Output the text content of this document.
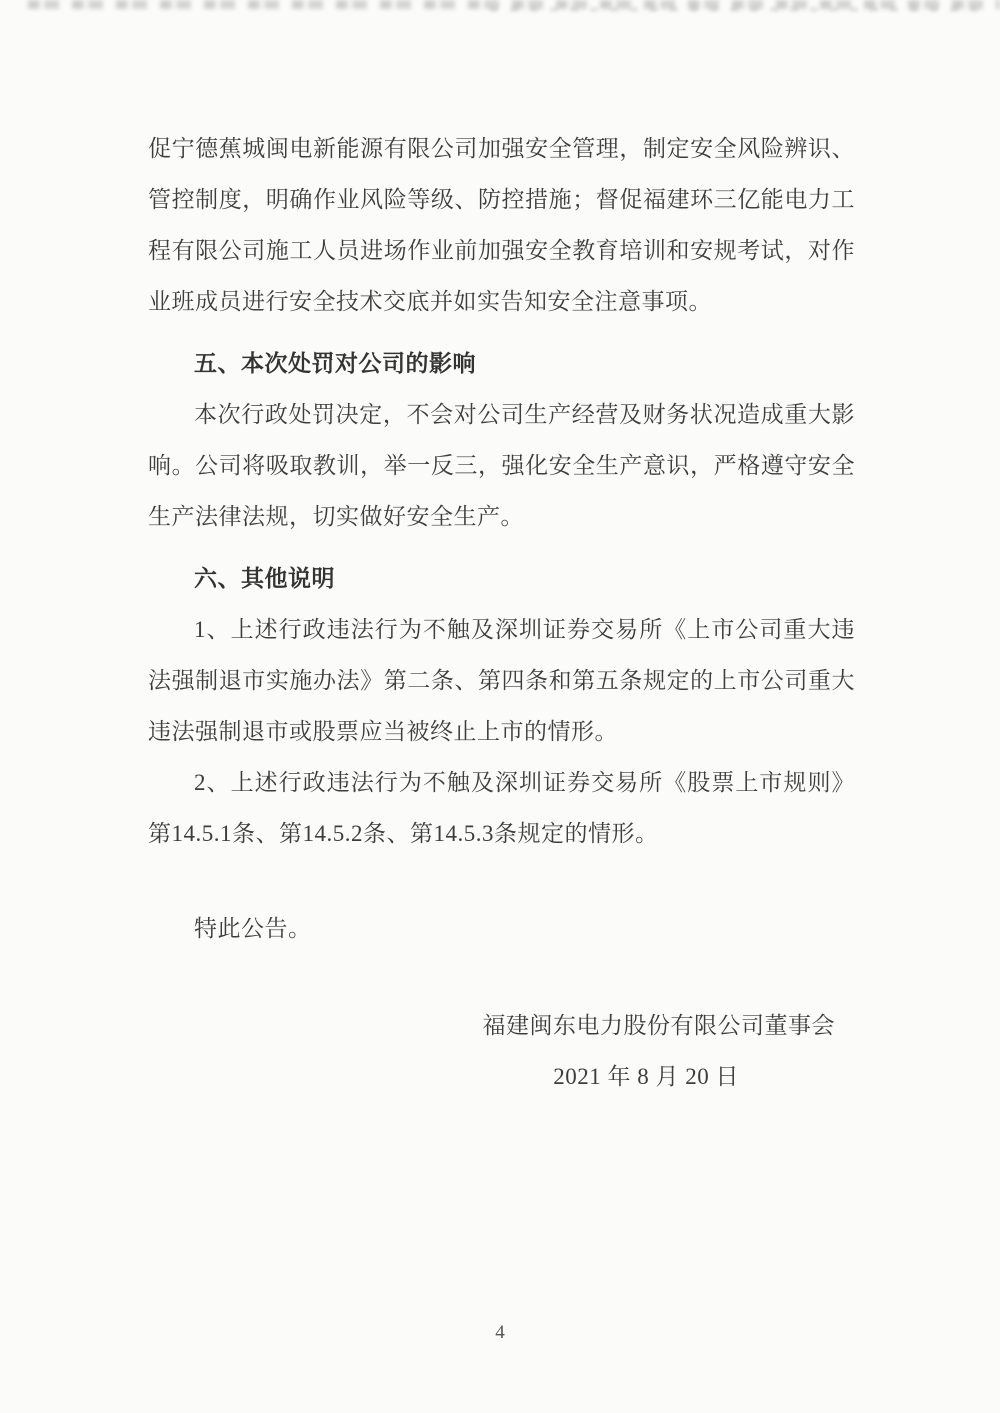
促宁德蕉城闽电新能源有限公司加强安全管理，制定安全风险辨识、管控制度，明确作业风险等级、防控措施；督促福建环三亿能电力工程有限公司施工人员进场作业前加强安全教育培训和安规考试，对作业班成员进行安全技术交底并如实告知安全注意事项。

五、本次处罚对公司的影响

本次行政处罚决定，不会对公司生产经营及财务状况造成重大影响。公司将吸取教训，举一反三，强化安全生产意识，严格遵守安全生产法律法规，切实做好安全生产。

六、其他说明

1、上述行政违法行为不触及深圳证券交易所《上市公司重大违法强制退市实施办法》第二条、第四条和第五条规定的上市公司重大违法强制退市或股票应当被终止上市的情形。

2、上述行政违法行为不触及深圳证券交易所《股票上市规则》第14.5.1条、第14.5.2条、第14.5.3条规定的情形。

特此公告。

福建闽东电力股份有限公司董事会

2021 年 8 月 20 日

4
